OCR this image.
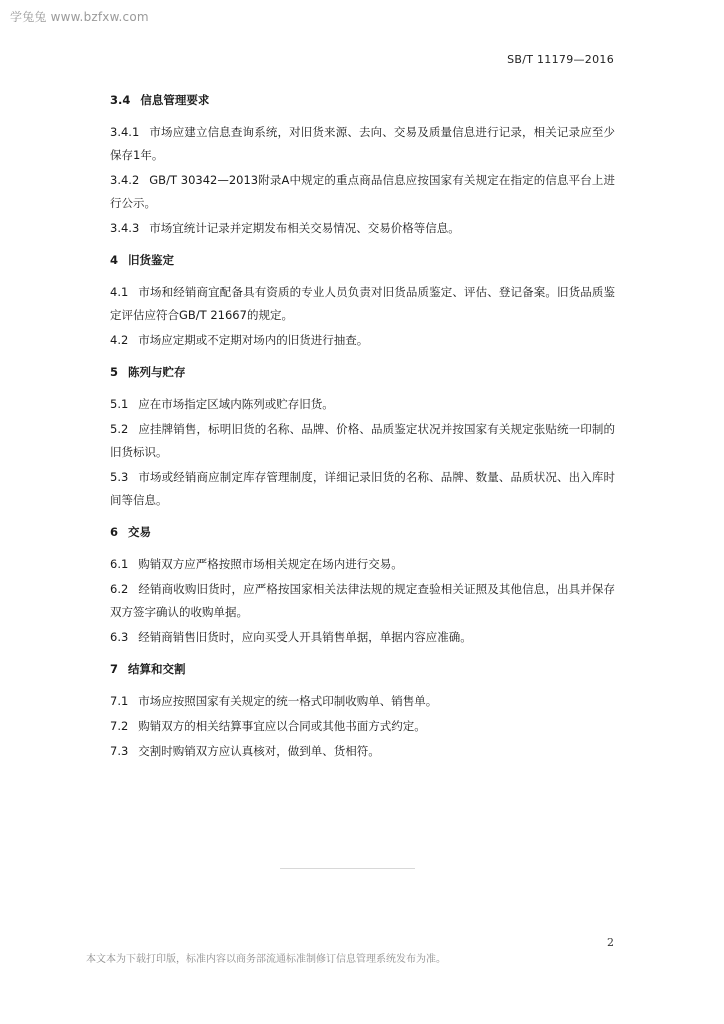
学兔兔 www.bzfxw.com
SB/T 11179—2016
3.4 信息管理要求
3.4.1 市场应建立信息查询系统，对旧货来源、去向、交易及质量信息进行记录，相关记录应至少保存1年。
3.4.2 GB/T 30342—2013附录A中规定的重点商品信息应按国家有关规定在指定的信息平台上进行公示。
3.4.3 市场宜统计记录并定期发布相关交易情况、交易价格等信息。
4 旧货鉴定
4.1 市场和经销商宜配备具有资质的专业人员负责对旧货品质鉴定、评估、登记备案。旧货品质鉴定评估应符合GB/T 21667的规定。
4.2 市场应定期或不定期对场内的旧货进行抽查。
5 陈列与贮存
5.1 应在市场指定区域内陈列或贮存旧货。
5.2 应挂牌销售，标明旧货的名称、品牌、价格、品质鉴定状况并按国家有关规定张贴统一印制的旧货标识。
5.3 市场或经销商应制定库存管理制度，详细记录旧货的名称、品牌、数量、品质状况、出入库时间等信息。
6 交易
6.1 购销双方应严格按照市场相关规定在场内进行交易。
6.2 经销商收购旧货时，应严格按国家相关法律法规的规定查验相关证照及其他信息，出具并保存双方签字确认的收购单据。
6.3 经销商销售旧货时，应向买受人开具销售单据，单据内容应准确。
7 结算和交割
7.1 市场应按照国家有关规定的统一格式印制收购单、销售单。
7.2 购销双方的相关结算事宜应以合同或其他书面方式约定。
7.3 交割时购销双方应认真核对，做到单、货相符。
2
本文本为下载打印版，标准内容以商务部流通标准制修订信息管理系统发布为准。
